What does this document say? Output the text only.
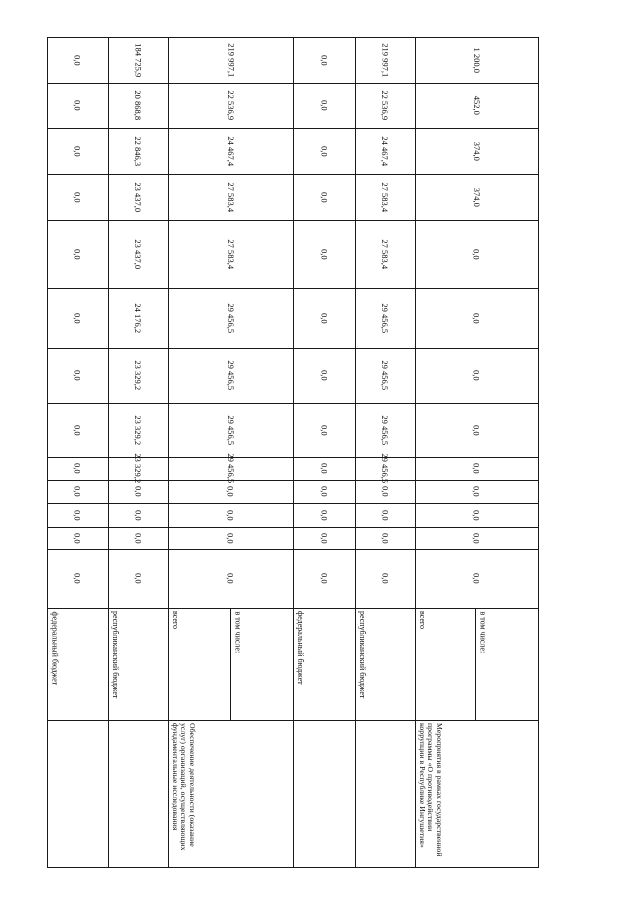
0,0
0,0
0,0
0,0
0,0
0,0
0,0
0,0
0,0
0,0
0,0
0,0
0,0
федеральный бюджет
184 725,9
20 868,8
22 846,3
23 437,0
23 437,0
24 176,2
23 329,2
23 329,2
23 329,2
0,0
0,0
0,0
0,0
республиканский бюджет
219 997,1
22 536,9
24 467,4
27 583,4
27 583,4
29 456,5
29 456,5
29 456,5
29 456,5
0,0
0,0
0,0
0,0
всего	в том числе:
Обеспечение деятельности (оказание услуг) организаций, осуществляющих фундаментальные исследования
0,0
0,0
0,0
0,0
0,0
0,0
0,0
0,0
0,0
0,0
0,0
0,0
0,0
федеральный бюджет
219 997,1
22 536,9
24 467,4
27 583,4
27 583,4
29 456,5
29 456,5
29 456,5
29 456,5
0,0
0,0
0,0
0,0
республиканский бюджет
1 200,0
452,0
374,0
374,0
0,0
0,0
0,0
0,0
0,0
0,0
0,0
0,0
0,0
всего	в том числе:
Мероприятия в рамках государственной программы «О противодействии коррупции в Республике Ингушетия»
